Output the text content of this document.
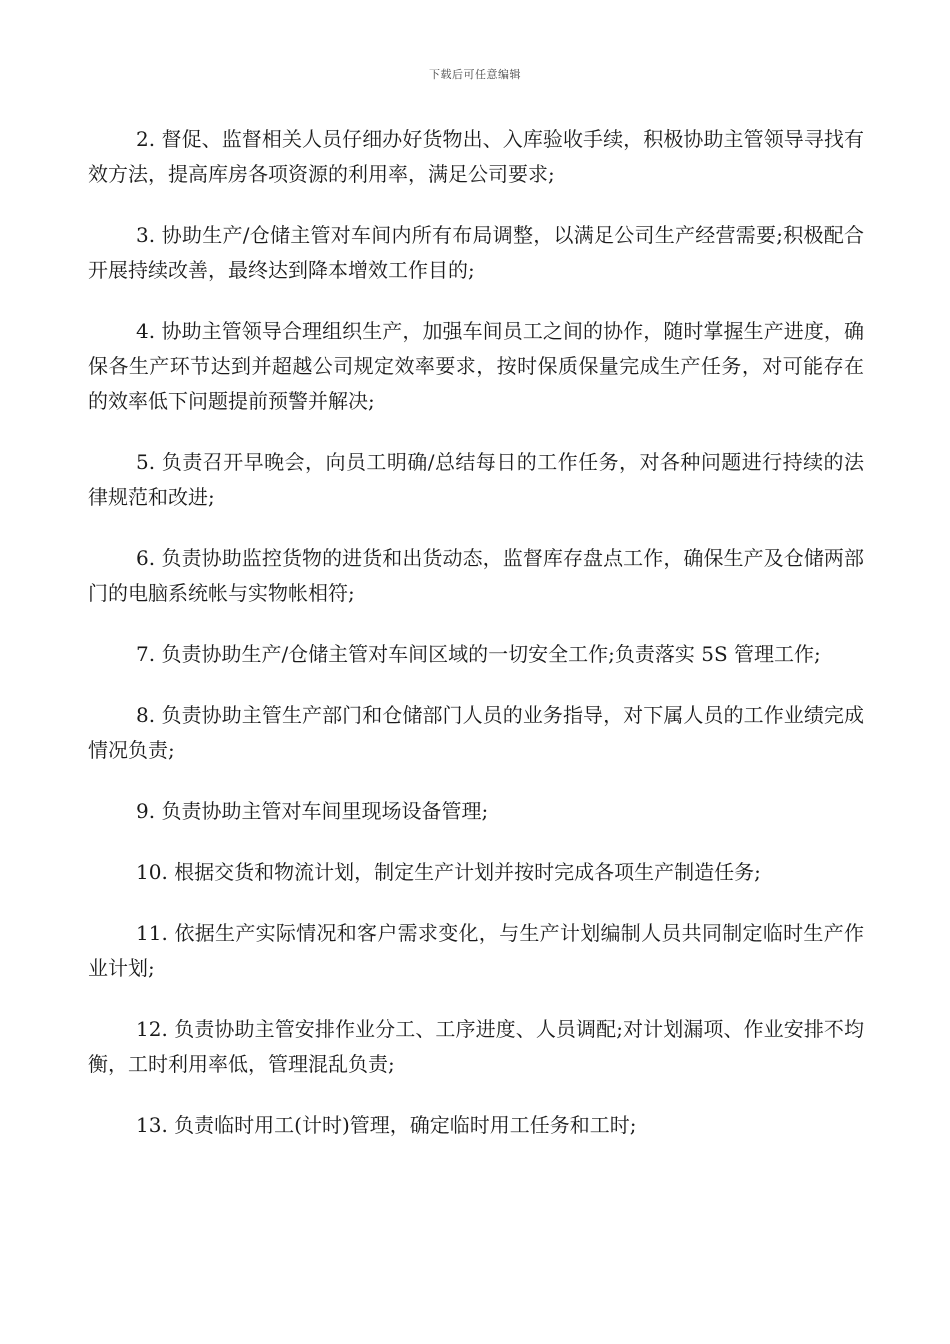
下载后可任意编辑

2. 督促、监督相关人员仔细办好货物出、入库验收手续，积极协助主管领导寻找有效方法，提高库房各项资源的利用率，满足公司要求;

3. 协助生产/仓储主管对车间内所有布局调整，以满足公司生产经营需要;积极配合开展持续改善，最终达到降本增效工作目的;

4. 协助主管领导合理组织生产，加强车间员工之间的协作，随时掌握生产进度，确保各生产环节达到并超越公司规定效率要求，按时保质保量完成生产任务，对可能存在的效率低下问题提前预警并解决;

5. 负责召开早晚会，向员工明确/总结每日的工作任务，对各种问题进行持续的法律规范和改进;

6. 负责协助监控货物的进货和出货动态，监督库存盘点工作，确保生产及仓储两部门的电脑系统帐与实物帐相符;

7. 负责协助生产/仓储主管对车间区域的一切安全工作;负责落实 5S 管理工作;

8. 负责协助主管生产部门和仓储部门人员的业务指导，对下属人员的工作业绩完成情况负责;

9. 负责协助主管对车间里现场设备管理;

10. 根据交货和物流计划，制定生产计划并按时完成各项生产制造任务;

11. 依据生产实际情况和客户需求变化，与生产计划编制人员共同制定临时生产作业计划;

12. 负责协助主管安排作业分工、工序进度、人员调配;对计划漏项、作业安排不均衡，工时利用率低，管理混乱负责;

13. 负责临时用工(计时)管理，确定临时用工任务和工时;
